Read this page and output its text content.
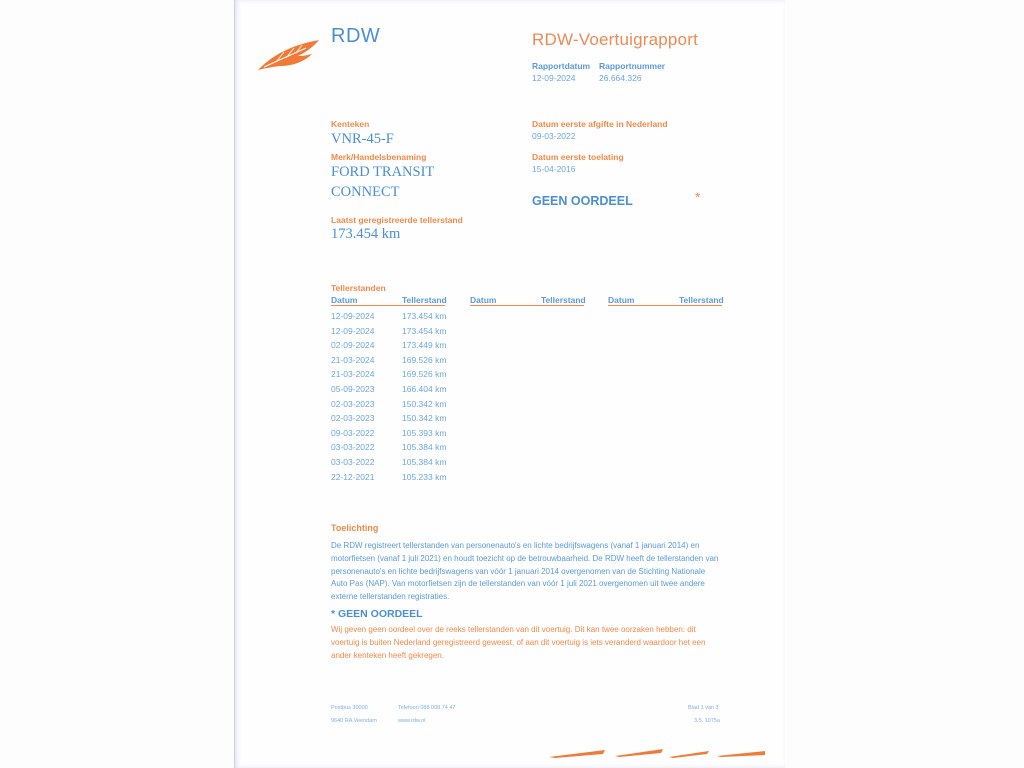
RDW	RDW-Voertuigrapport
Rapportdatum
12-09-2024
Rapportnummer
26.664.326
Kenteken
VNR-45-F
Merk/Handelsbenaming
FORD TRANSIT
CONNECT
Laatst geregistreerde tellerstand
173.454 km
Datum eerste afgifte in Nederland
09-03-2022
Datum eerste toelating
15-04-2016
GEEN OORDEEL	*
Tellerstanden
Datum	Tellerstand	Datum	Tellerstand	Datum	Tellerstand
12-09-2024	173.454 km
12-09-2024	173.454 km
02-09-2024	173.449 km
21-03-2024	169.526 km
21-03-2024	169.526 km
05-09-2023	166.404 km
02-03-2023	150.342 km
02-03-2023	150.342 km
09-03-2022	105.393 km
03-03-2022	105.384 km
03-03-2022	105.384 km
22-12-2021	105.233 km
Toelichting
De RDW registreert tellerstanden van personenauto's en lichte bedrijfswagens (vanaf 1 januari 2014) en motorfietsen (vanaf 1 juli 2021) en houdt toezicht op de betrouwbaarheid. De RDW heeft de tellerstanden van personenauto's en lichte bedrijfswagens van vóór 1 januari 2014 overgenomen van de Stichting Nationale Auto Pas (NAP). Van motorfietsen zijn de tellerstanden van vóór 1 juli 2021 overgenomen uit twee andere externe tellerstanden registraties.
* GEEN OORDEEL
Wij geven geen oordeel over de reeks tellerstanden van dit voertuig. Dit kan twee oorzaken hebben: dit voertuig is buiten Nederland geregistreerd geweest, of aan dit voertuig is iets veranderd waardoor het een ander kenteken heeft gekregen.
Postbus 30000
9640 RA Veendam
Telefoon 088 008 74 47
www.rdw.nl
Blad 1 van 3
3.5. 1075a
